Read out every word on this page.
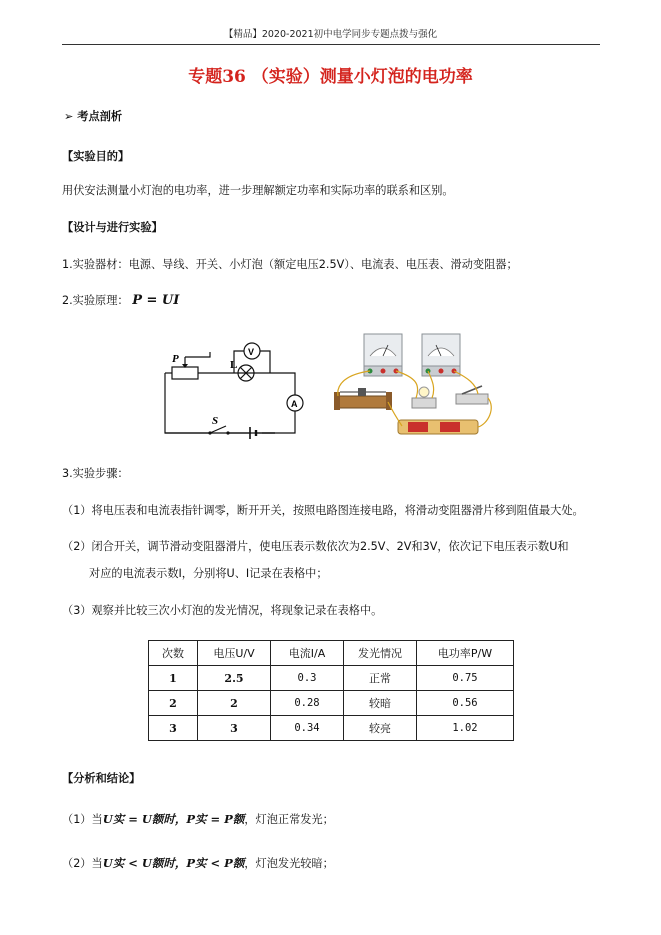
【精品】2020-2021初中电学同步专题点拨与强化
专题36 （实验）测量小灯泡的电功率
➢ 考点剖析
【实验目的】
用伏安法测量小灯泡的电功率，进一步理解额定功率和实际功率的联系和区别。
【设计与进行实验】
1.实验器材：电源、导线、开关、小灯泡（额定电压2.5V）、电流表、电压表、滑动变阻器；
2.实验原理： P = UI
P	L
V
A
S
3.实验步骤：
（1）将电压表和电流表指针调零，断开开关，按照电路图连接电路，将滑动变阻器滑片移到阻值最大处。
（2）闭合开关，调节滑动变阻器滑片，使电压表示数依次为2.5V、2V和3V，依次记下电压表示数U和
对应的电流表示数I，分别将U、I记录在表格中；
（3）观察并比较三次小灯泡的发光情况，将现象记录在表格中。
次数	电压U/V	电流I/A	发光情况	电功率P/W
1	2.5	0.3	正常	0.75
2	2	0.28	较暗	0.56
3	3	0.34	较亮	1.02
【分析和结论】
（1）当U实 = U额时，P实 = P额，灯泡正常发光；
（2）当U实 < U额时，P实 < P额，灯泡发光较暗；
